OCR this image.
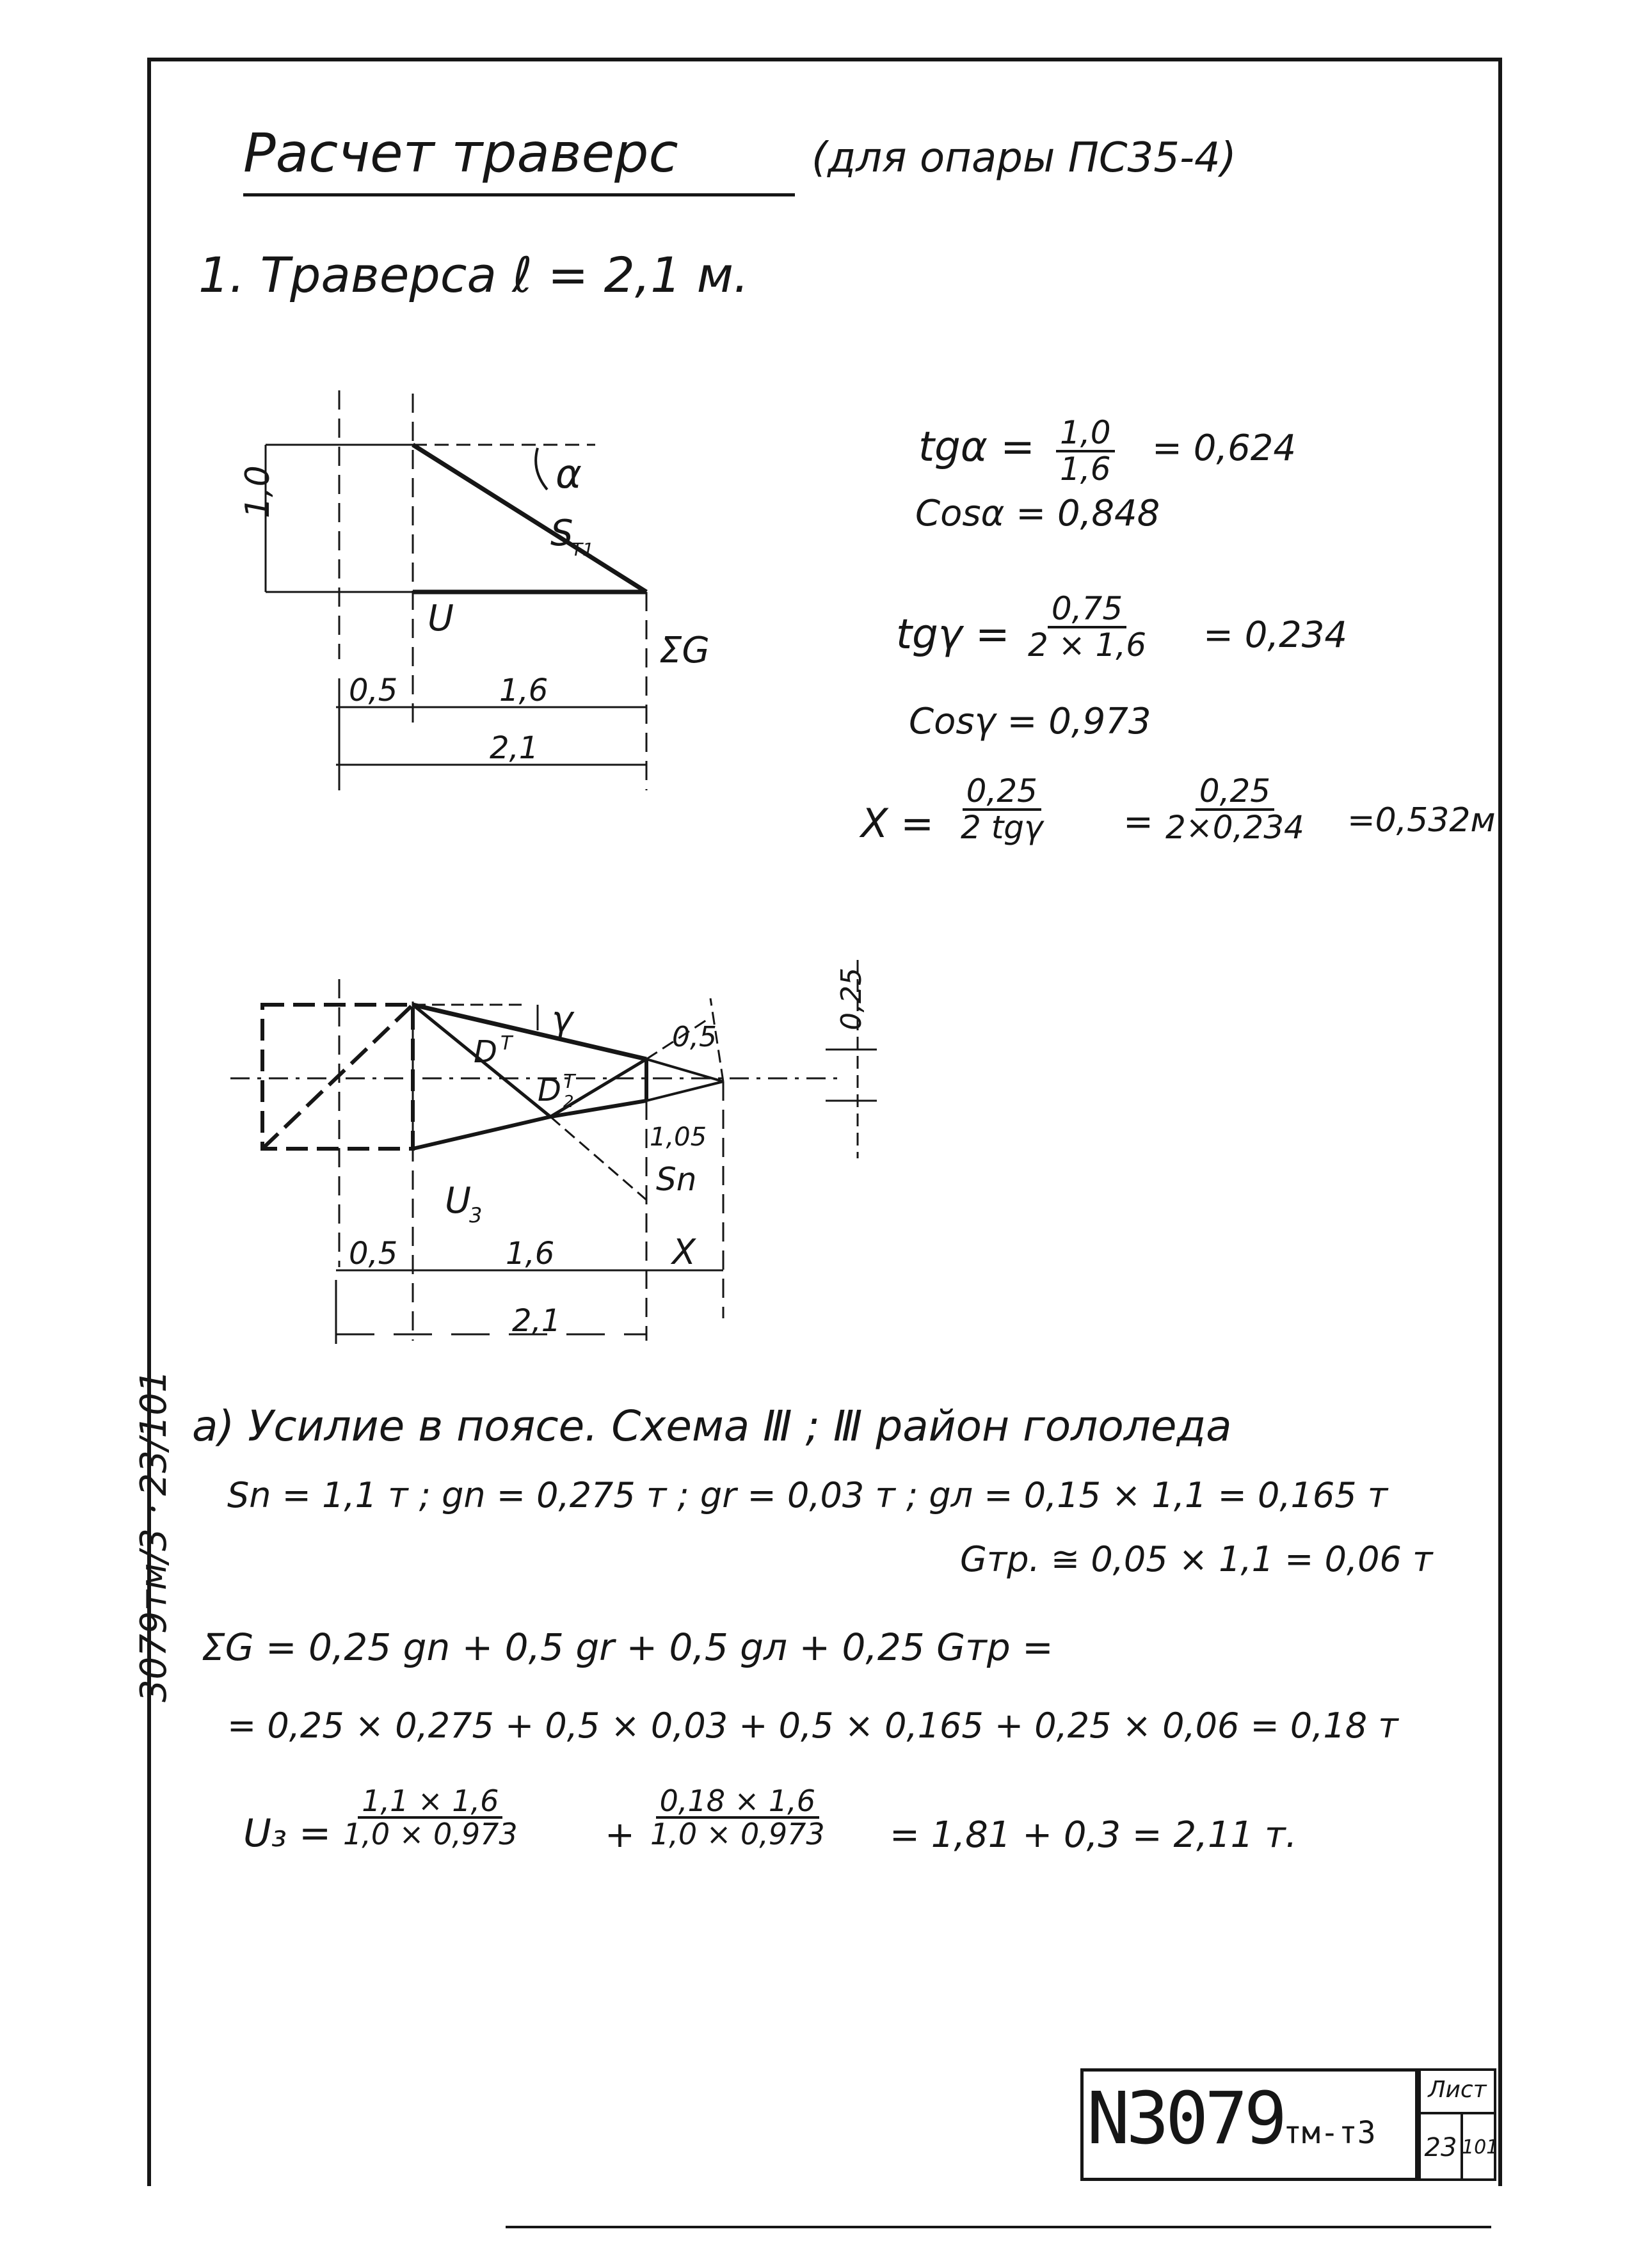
Расчет траверс	(для опары ПС35-4)
1. Траверса ℓ = 2,1 м.
1,0	α
S
T1
U
ΣG
0,5	1,6
2,1
$tg\alpha = \frac{1,0}{1,6} = 0,624$
Cosα = 0,848
$tg\gamma = \frac{0,75}{2 \times 1,6} = 0,234$
Cosγ = 0,973
X =
0,25
2 $tg\gamma = \frac{0,25}{2\times 0,234} =0,532м$
γ
D T
D T
2
0,5
1,05
0,25
U
3
Sn
X
0,5	1,6
2,1
а) Усилие в поясе. Схема Ⅲ ; Ⅲ район гололеда
Sn = 1,1 т ; gn = 0,275 т ; gr = 0,03 т ; gл = 0,15 × 1,1 = 0,165 т
Gтр. ≅ 0,05 × 1,1 = 0,06 т
ΣG = 0,25 gn + 0,5 gr + 0,5 gл + 0,25 Gтр =
= 0,25 × 0,275 + 0,5 × 0,03 + 0,5 × 0,165 + 0,25 × 0,06 = 0,18 т
$U_3 = \frac{1,1 \times 1,6}{1,0 \times 0,973} + \frac{0,18 \times 1,6}{1,0 \times 0,973} = 1,81 + 0,3 = 2,11$ т.
3079тм/3 ⸱ 23/101
N3079тм-т3
Лист
23 101
